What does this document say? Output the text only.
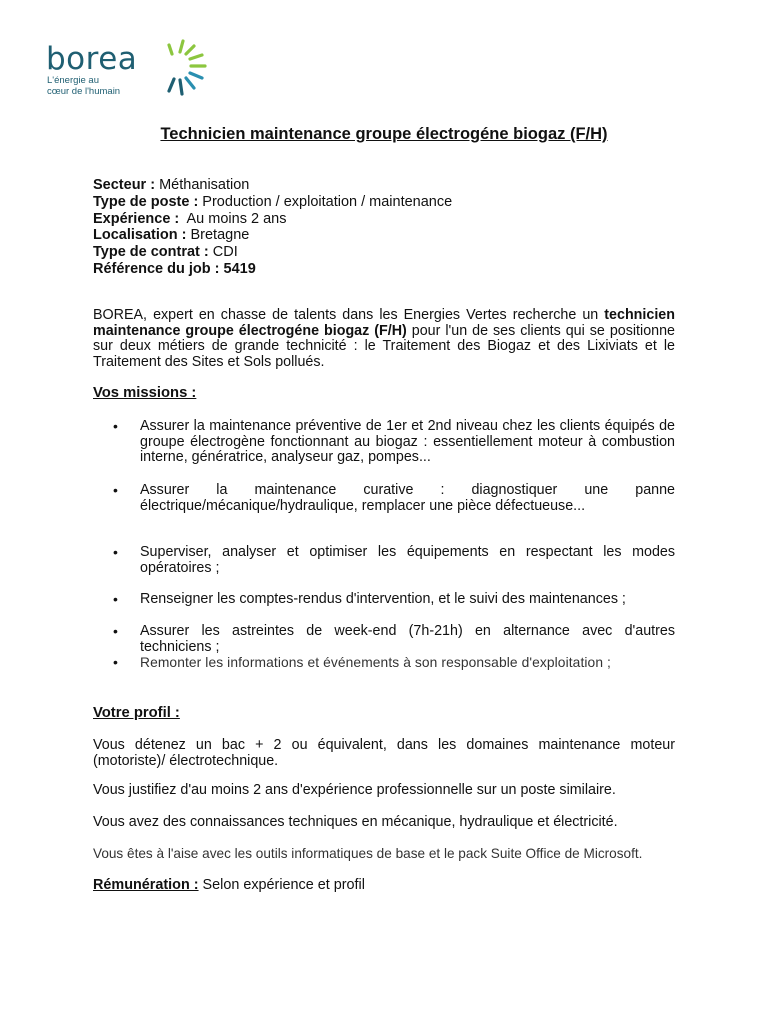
borea
L'énergie au
cœur de l'humain
Technicien maintenance groupe électrogéne biogaz (F/H)
Secteur : Méthanisation
Type de poste : Production / exploitation / maintenance
Expérience :  Au moins 2 ans
Localisation : Bretagne
Type de contrat : CDI
Référence du job : 5419
BOREA, expert en chasse de talents dans les Energies Vertes recherche un technicien maintenance groupe électrogéne biogaz (F/H) pour l'un de ses clients qui se positionne sur deux métiers de grande technicité : le Traitement des Biogaz et des Lixiviats et le Traitement des Sites et Sols pollués.
Vos missions :
• Assurer la maintenance préventive de 1er et 2nd niveau chez les clients équipés de groupe électrogène fonctionnant au biogaz : essentiellement moteur à combustion interne, génératrice, analyseur gaz, pompes...
• Assurer la maintenance curative : diagnostiquer une panne électrique/mécanique/hydraulique, remplacer une pièce défectueuse...
• Superviser, analyser et optimiser les équipements en respectant les modes opératoires ;
• Renseigner les comptes-rendus d'intervention, et le suivi des maintenances ;
• Assurer les astreintes de week-end (7h-21h) en alternance avec d'autres techniciens ;
• Remonter les informations et événements à son responsable d'exploitation ;
Votre profil :
Vous détenez un bac + 2 ou équivalent, dans les domaines maintenance moteur (motoriste)/ électrotechnique.
Vous justifiez d'au moins 2 ans d'expérience professionnelle sur un poste similaire.
Vous avez des connaissances techniques en mécanique, hydraulique et électricité.
Vous êtes à l'aise avec les outils informatiques de base et le pack Suite Office de Microsoft.
Rémunération : Selon expérience et profil
